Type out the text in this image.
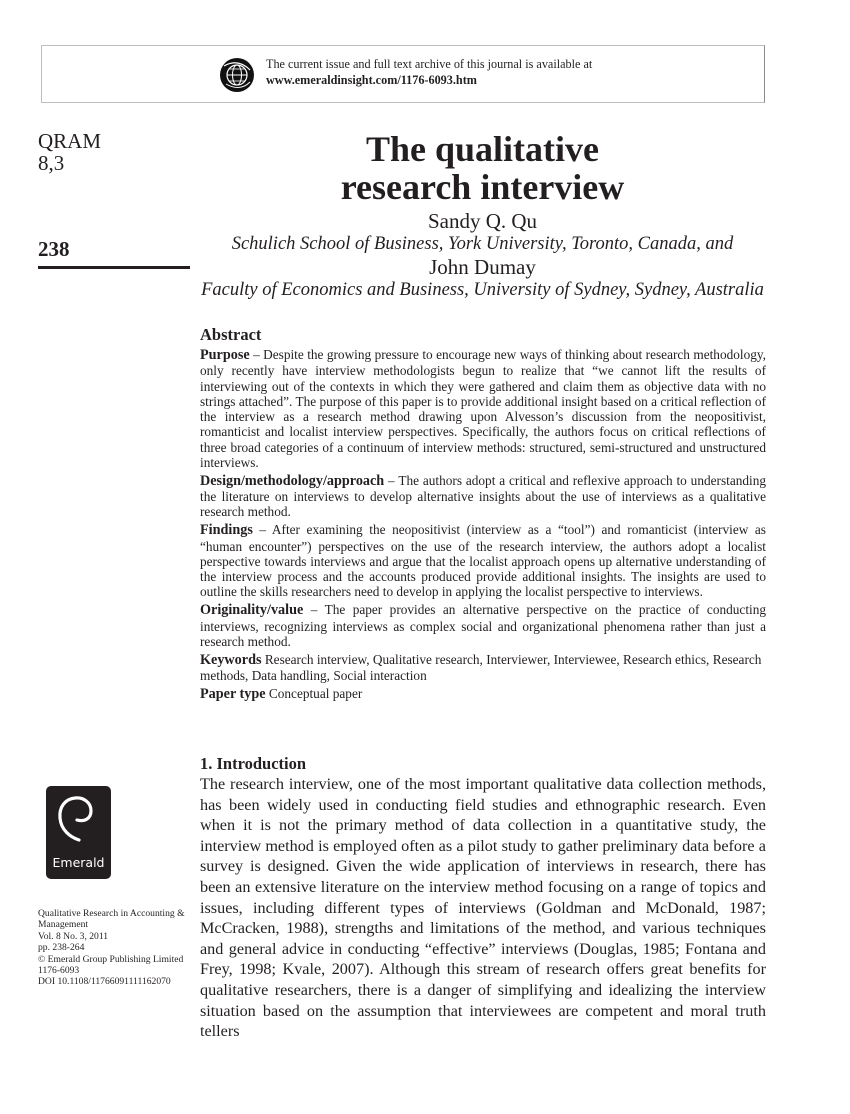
The current issue and full text archive of this journal is available at
www.emeraldinsight.com/1176-6093.htm
QRAM
8,3
238
The qualitative
research interview
Sandy Q. Qu
Schulich School of Business, York University, Toronto, Canada, and
John Dumay
Faculty of Economics and Business, University of Sydney, Sydney, Australia
Abstract

Purpose – Despite the growing pressure to encourage new ways of thinking about research methodology, only recently have interview methodologists begun to realize that “we cannot lift the results of interviewing out of the contexts in which they were gathered and claim them as objective data with no strings attached”. The purpose of this paper is to provide additional insight based on a critical reflection of the interview as a research method drawing upon Alvesson’s discussion from the neopositivist, romanticist and localist interview perspectives. Specifically, the authors focus on critical reflections of three broad categories of a continuum of interview methods: structured, semi-structured and unstructured interviews.

Design/methodology/approach – The authors adopt a critical and reflexive approach to understanding the literature on interviews to develop alternative insights about the use of interviews as a qualitative research method.

Findings – After examining the neopositivist (interview as a “tool”) and romanticist (interview as “human encounter”) perspectives on the use of the research interview, the authors adopt a localist perspective towards interviews and argue that the localist approach opens up alternative understanding of the interview process and the accounts produced provide additional insights. The insights are used to outline the skills researchers need to develop in applying the localist perspective to interviews.

Originality/value – The paper provides an alternative perspective on the practice of conducting interviews, recognizing interviews as complex social and organizational phenomena rather than just a research method.

Keywords Research interview, Qualitative research, Interviewer, Interviewee, Research ethics, Research methods, Data handling, Social interaction

Paper type Conceptual paper

1. Introduction

The research interview, one of the most important qualitative data collection methods, has been widely used in conducting field studies and ethnographic research. Even when it is not the primary method of data collection in a quantitative study, the interview method is employed often as a pilot study to gather preliminary data before a survey is designed. Given the wide application of interviews in research, there has been an extensive literature on the interview method focusing on a range of topics and issues, including different types of interviews (Goldman and McDonald, 1987; McCracken, 1988), strengths and limitations of the method, and various techniques and general advice in conducting “effective” interviews (Douglas, 1985; Fontana and Frey, 1998; Kvale, 2007). Although this stream of research offers great benefits for qualitative researchers, there is a danger of simplifying and idealizing the interview situation based on the assumption that interviewees are competent and moral truth tellers

Emerald
Qualitative Research in Accounting &
Management
Vol. 8 No. 3, 2011
pp. 238-264
© Emerald Group Publishing Limited
1176-6093
DOI 10.1108/11766091111162070
